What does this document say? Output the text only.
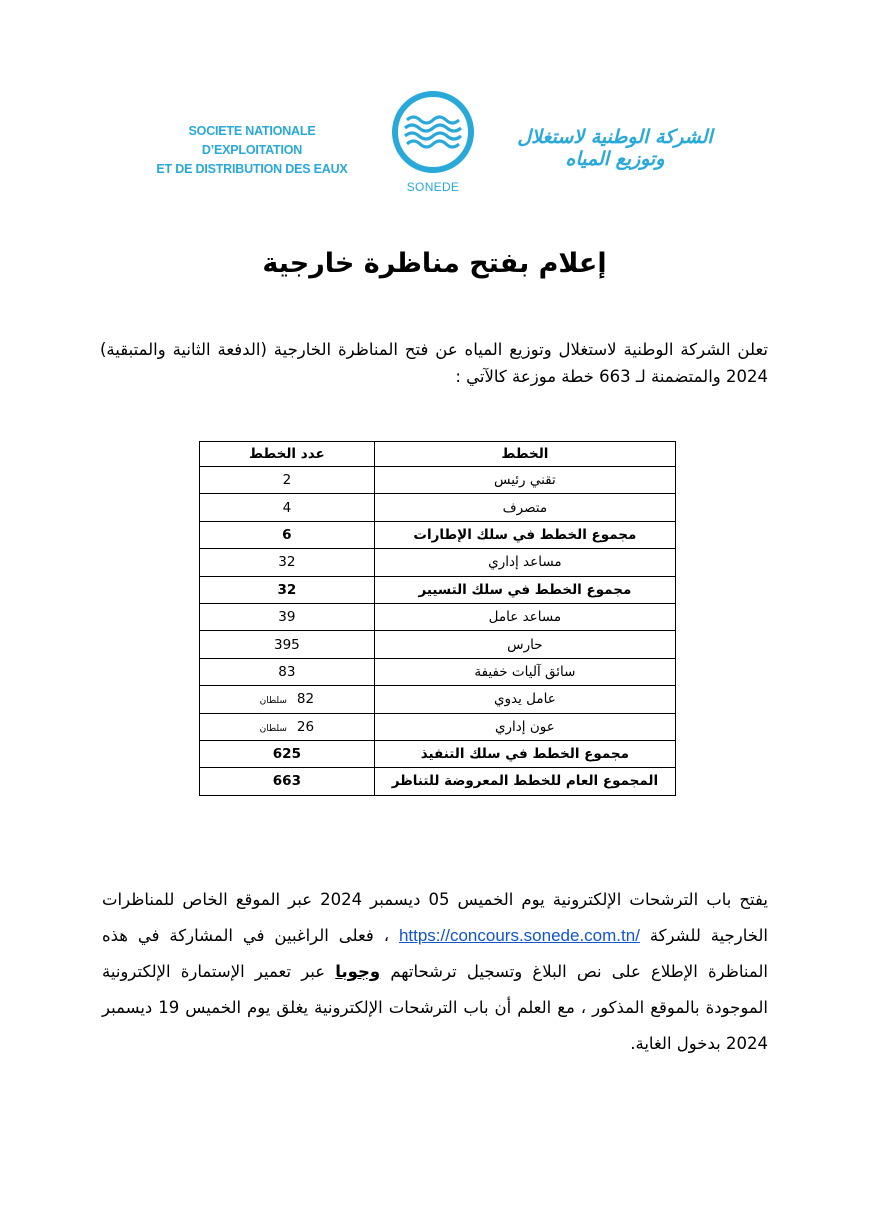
SOCIETE NATIONALE D’EXPLOITATION
ET DE DISTRIBUTION DES EAUX
SONEDE
الشركة الوطنية لاستغلال وتوزيع المياه
إعلام بفتح مناظرة خارجية

تعلن الشركة الوطنية لاستغلال وتوزيع المياه عن فتح المناظرة الخارجية (الدفعة الثانية والمتبقية) 2024 والمتضمنة لـ 663 خطة موزعة كالآتي :

الخطط	عدد الخطط
تقني رئيس	2
متصرف	4
مجموع الخطط في سلك الإطارات	6
مساعد إداري	32
مجموع الخطط في سلك التسيير	32
مساعد عامل	39
حارس	395
سائق آليات خفيفة	83
عامل يدوي	82سلطان
عون إداري	26سلطان
مجموع الخطط في سلك التنفيذ	625
المجموع العام للخطط المعروضة للتناظر	663

يفتح باب الترشحات الإلكترونية يوم الخميس 05 ديسمبر 2024 عبر الموقع الخاص للمناظرات الخارجية للشركة https://concours.sonede.com.tn/ ، فعلى الراغبين في المشاركة في هذه المناظرة الإطلاع على نص البلاغ وتسجيل ترشحاتهم وجوبا عبر تعمير الإستمارة الإلكترونية الموجودة بالموقع المذكور ، مع العلم أن باب الترشحات الإلكترونية يغلق يوم الخميس 19 ديسمبر 2024 بدخول الغاية.
